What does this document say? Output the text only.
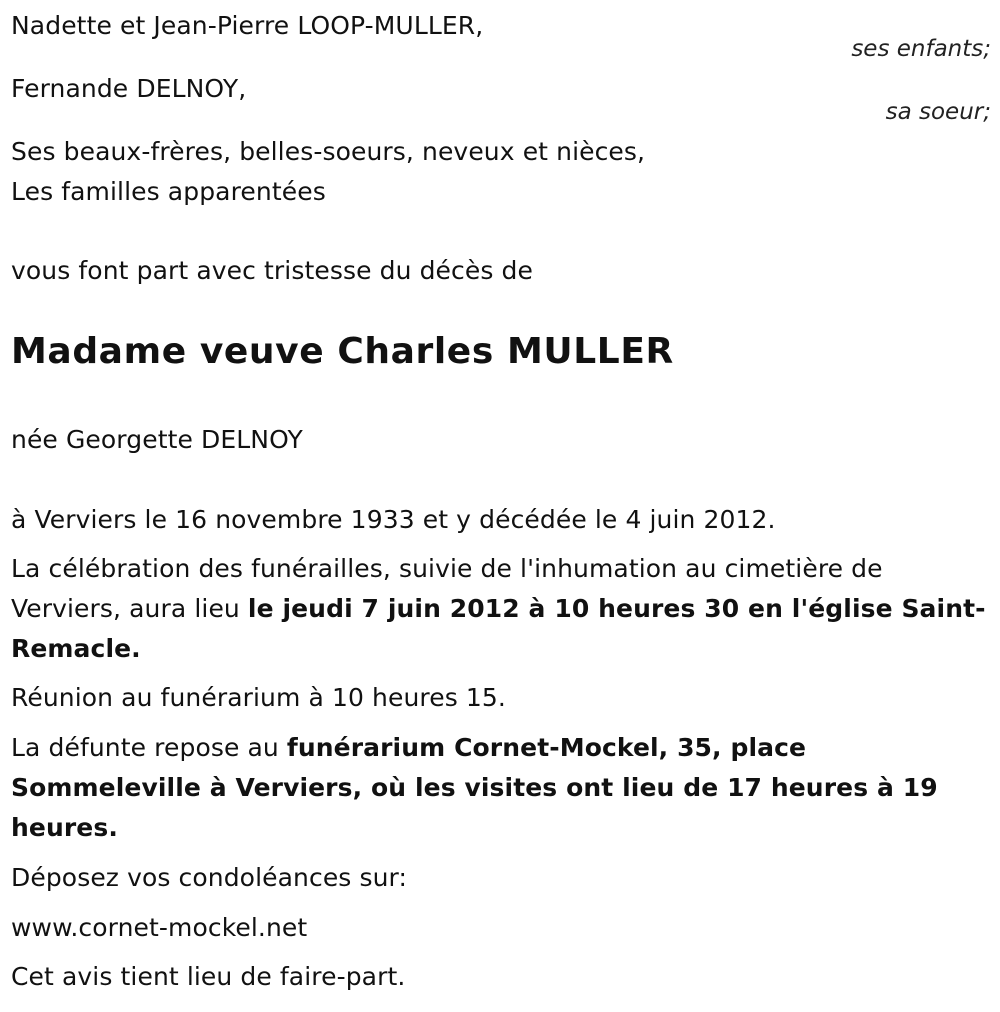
Nadette et Jean-Pierre LOOP-MULLER,
ses enfants;
Fernande DELNOY,
sa soeur;
Ses beaux-frères, belles-soeurs, neveux et nièces,
Les familles apparentées
vous font part avec tristesse du décès de
Madame veuve Charles MULLER
née Georgette DELNOY
à Verviers le 16 novembre 1933 et y décédée le 4 juin 2012.
La célébration des funérailles, suivie de l'inhumation au cimetière de
Verviers, aura lieu le jeudi 7 juin 2012 à 10 heures 30 en l'église Saint-
Remacle.
Réunion au funérarium à 10 heures 15.
La défunte repose au funérarium Cornet-Mockel, 35, place
Sommeleville à Verviers, où les visites ont lieu de 17 heures à 19
heures.
Déposez vos condoléances sur:
www.cornet-mockel.net
Cet avis tient lieu de faire-part.
